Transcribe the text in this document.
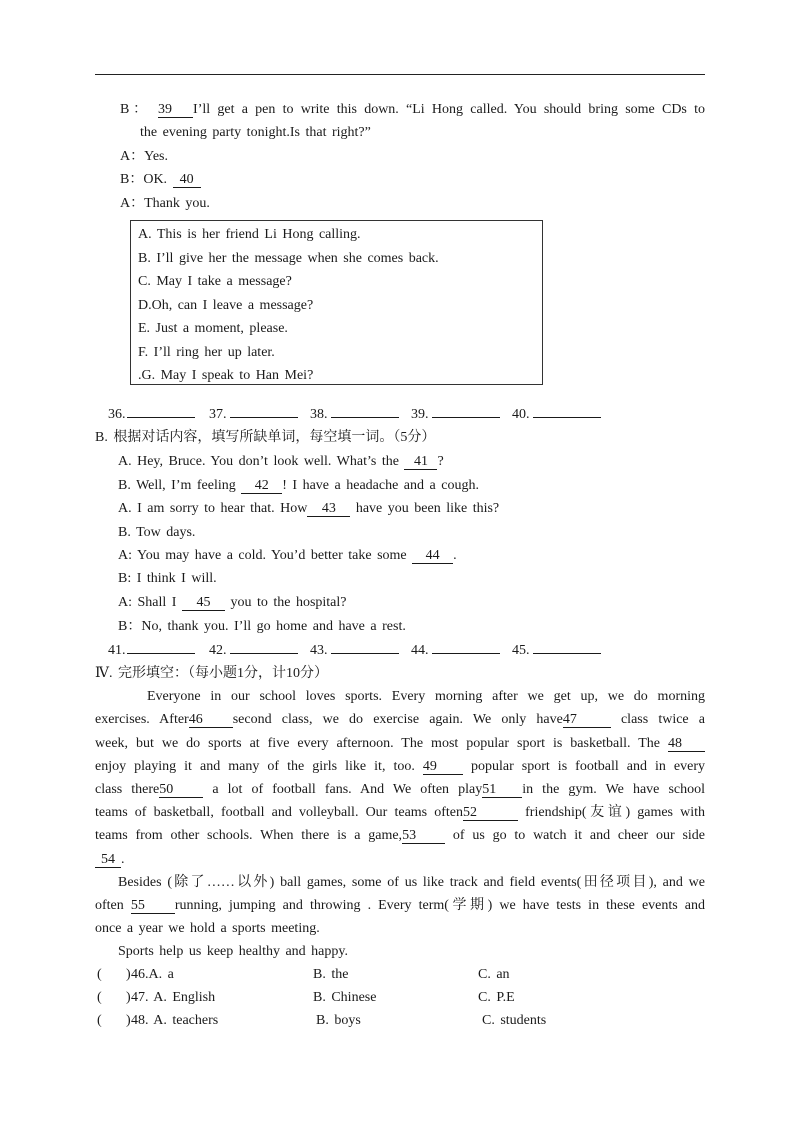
B： 39 I’ll get a pen to write this down. “Li Hong called. You should bring some CDs to
the evening party tonight.Is that right?”
A：Yes.
B：OK. 40
A：Thank you.
A. This is her friend Li Hong calling.
B. I’ll give her the message when she comes back.
C. May I take a message?
D.Oh, can I leave a message?
E. Just a moment, please.
F. I’ll ring her up later.
.G. May I speak to Han Mei?
36.	37.	38.	39.	40.
B. 根据对话内容，填写所缺单词，每空填一词。（5分）
A. Hey, Bruce. You don’t look well. What’s the 41 ?
B. Well, I’m feeling 42 ! I have a headache and a cough.
A. I am sorry to hear that. How 43 have you been like this?
B. Tow days.
A: You may have a cold. You’d better take some 44 .
B: I think I will.
A: Shall I 45 you to the hospital?
B：No, thank you. I’ll go home and have a rest.
41.	42.	43.	44.	45.
Ⅳ. 完形填空：（每小题1分，计10分）
Everyone in our school loves sports. Every morning after we get up, we do morning
exercises. After46 second class, we do exercise again. We only have47	class twice a
week, but we do sports at five every afternoon. The most popular sport is basketball. The 48
enjoy playing it and many of the girls like it, too. 49 popular sport is football and in every
class there50	a lot of football fans. And We often play51 in the gym. We have school
teams of basketball, football and volleyball. Our teams often52	friendship(友谊) games with
teams from other schools. When there is a game,53	of us go to watch it and cheer our side
54 .
Besides (除了……以外) ball games, some of us like track and field events(田径项目), and we
often 55 running, jumping and throwing . Every term(学期) we have tests in these events and
once a year we hold a sports meeting.
Sports help us keep healthy and happy.
( ) 46.A. a	B. the	C. an
( ) 47. A. English	B. Chinese	C. P.E
( ) 48. A. teachers	B. boys	C. students
